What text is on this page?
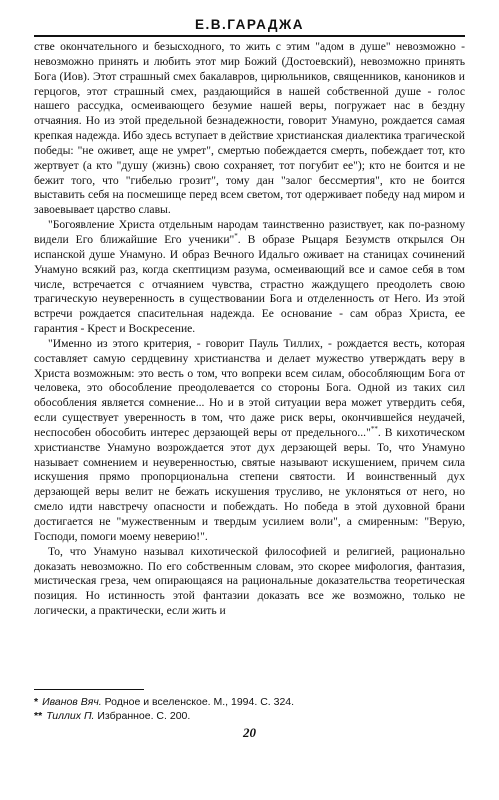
Е.В.ГАРАДЖА

стве окончательного и безысходного, то жить с этим "адом в душе" невозможно - невозможно принять и любить этот мир Божий (Достоевский), невозможно принять Бога (Иов). Этот страшный смех бакалавров, цирюльников, священников, каноников и герцогов, этот страшный смех, раздающийся в нашей собственной душе - голос нашего рассудка, осмеивающего безумие нашей веры, погружает нас в бездну отчаяния. Но из этой предельной безнадежности, говорит Унамуно, рождается самая крепкая надежда. Ибо здесь вступает в действие христианская диалектика трагической победы: "не оживет, аще не умрет", смертью побеждается смерть, побеждает тот, кто жертвует (а кто "душу (жизнь) свою сохраняет, тот погубит ее"); кто не боится и не бежит того, что "гибелью грозит", тому дан "залог бессмертия", кто не боится выставить себя на посмешище перед всем светом, тот одерживает победу над миром и завоевывает царство славы.

"Богоявление Христа отдельным народам таинственно разиствует, как по-разному видели Его ближайшие Его ученики"*. В образе Рыцаря Безумств открылся Он испанской душе Унамуно. И образ Вечного Идальго оживает на станицах сочинений Унамуно всякий раз, когда скептицизм разума, осмеивающий все и самое себя в том числе, встречается с отчаянием чувства, страстно жаждущего преодолеть свою трагическую неуверенность в существовании Бога и отделенность от Него. Из этой встречи рождается спасительная надежда. Ее основание - сам образ Христа, ее гарантия - Крест и Воскресение.

"Именно из этого критерия, - говорит Пауль Тиллих, - рождается весть, которая составляет самую сердцевину христианства и делает мужество утверждать веру в Христа возможным: это весть о том, что вопреки всем силам, обособляющим Бога от человека, это обособление преодолевается со стороны Бога. Одной из таких сил обособления является сомнение... Но и в этой ситуации вера может утвердить себя, если существует уверенность в том, что даже риск веры, окончившейся неудачей, неспособен обособить интерес дерзающей веры от предельного..."**. В кихотическом христианстве Унамуно возрождается этот дух дерзающей веры. То, что Унамуно называет сомнением и неуверенностью, святые называют искушением, причем сила искушения прямо пропорциональна степени святости. И воинственный дух дерзающей веры велит не бежать искушения трусливо, не уклоняться от него, но смело идти навстречу опасности и побеждать. Но победа в этой духовной брани достигается не "мужественным и твердым усилием воли", а смиренным: "Верую, Господи, помоги моему неверию!".

То, что Унамуно называл кихотической философией и религией, рационально доказать невозможно. По его собственным словам, это скорее мифология, фантазия, мистическая греза, чем опирающаяся на рациональные доказательства теоретическая позиция. Но истинность этой фантазии доказать все же возможно, только не логически, а практически, если жить и

* Иванов Вяч. Родное и вселенское. М., 1994. С. 324.
** Тиллих П. Избранное. С. 200.
20
